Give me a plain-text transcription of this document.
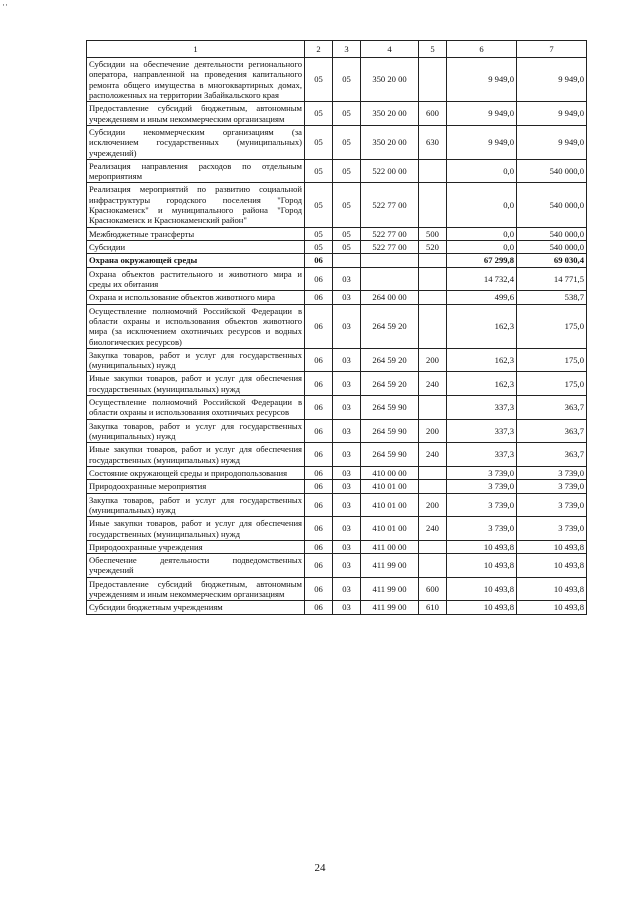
··
1	2	3	4	5	6	7
Субсидии на обеспечение деятельности регионального оператора, направленной на проведения капитального ремонта общего имущества в многоквартирных домах, расположенных на территории Забайкальского края	05	05	350 20 00		9 949,0	9 949,0
Предоставление субсидий бюджетным, автономным учреждениям и иным некоммерческим организациям	05	05	350 20 00	600	9 949,0	9 949,0
Субсидии некоммерческим организациям (за исключением государственных (муниципальных) учреждений)	05	05	350 20 00	630	9 949,0	9 949,0
Реализация направления расходов по отдельным мероприятиям	05	05	522 00 00		0,0	540 000,0
Реализация мероприятий по развитию социальной инфраструктуры городского поселения "Город Краснокаменск" и муниципального района "Город Краснокаменск и Краснокаменский район"	05	05	522 77 00		0,0	540 000,0
Межбюджетные трансферты	05	05	522 77 00	500	0,0	540 000,0
Субсидии	05	05	522 77 00	520	0,0	540 000,0
Охрана окружающей среды	06				67 299,8	69 030,4
Охрана объектов растительного и животного мира и среды их обитания	06	03			14 732,4	14 771,5
Охрана и использование объектов животного мира	06	03	264 00 00		499,6	538,7
Осуществление полномочий Российской Федерации в области охраны и использования объектов животного мира (за исключением охотничьих ресурсов и водных биологических ресурсов)	06	03	264 59 20		162,3	175,0
Закупка товаров, работ и услуг для государственных (муниципальных) нужд	06	03	264 59 20	200	162,3	175,0
Иные закупки товаров, работ и услуг для обеспечения государственных (муниципальных) нужд	06	03	264 59 20	240	162,3	175,0
Осуществление полномочий Российской Федерации в области охраны и использования охотничьих ресурсов	06	03	264 59 90		337,3	363,7
Закупка товаров, работ и услуг для государственных (муниципальных) нужд	06	03	264 59 90	200	337,3	363,7
Иные закупки товаров, работ и услуг для обеспечения государственных (муниципальных) нужд	06	03	264 59 90	240	337,3	363,7
Состояние окружающей среды и природопользования	06	03	410 00 00		3 739,0	3 739,0
Природоохранные мероприятия	06	03	410 01 00		3 739,0	3 739,0
Закупка товаров, работ и услуг для государственных (муниципальных) нужд	06	03	410 01 00	200	3 739,0	3 739,0
Иные закупки товаров, работ и услуг для обеспечения государственных (муниципальных) нужд	06	03	410 01 00	240	3 739,0	3 739,0
Природоохранные учреждения	06	03	411 00 00		10 493,8	10 493,8
Обеспечение деятельности подведомственных учреждений	06	03	411 99 00		10 493,8	10 493,8
Предоставление субсидий бюджетным, автономным учреждениям и иным некоммерческим организациям	06	03	411 99 00	600	10 493,8	10 493,8
Субсидии бюджетным учреждениям	06	03	411 99 00	610	10 493,8	10 493,8
24
